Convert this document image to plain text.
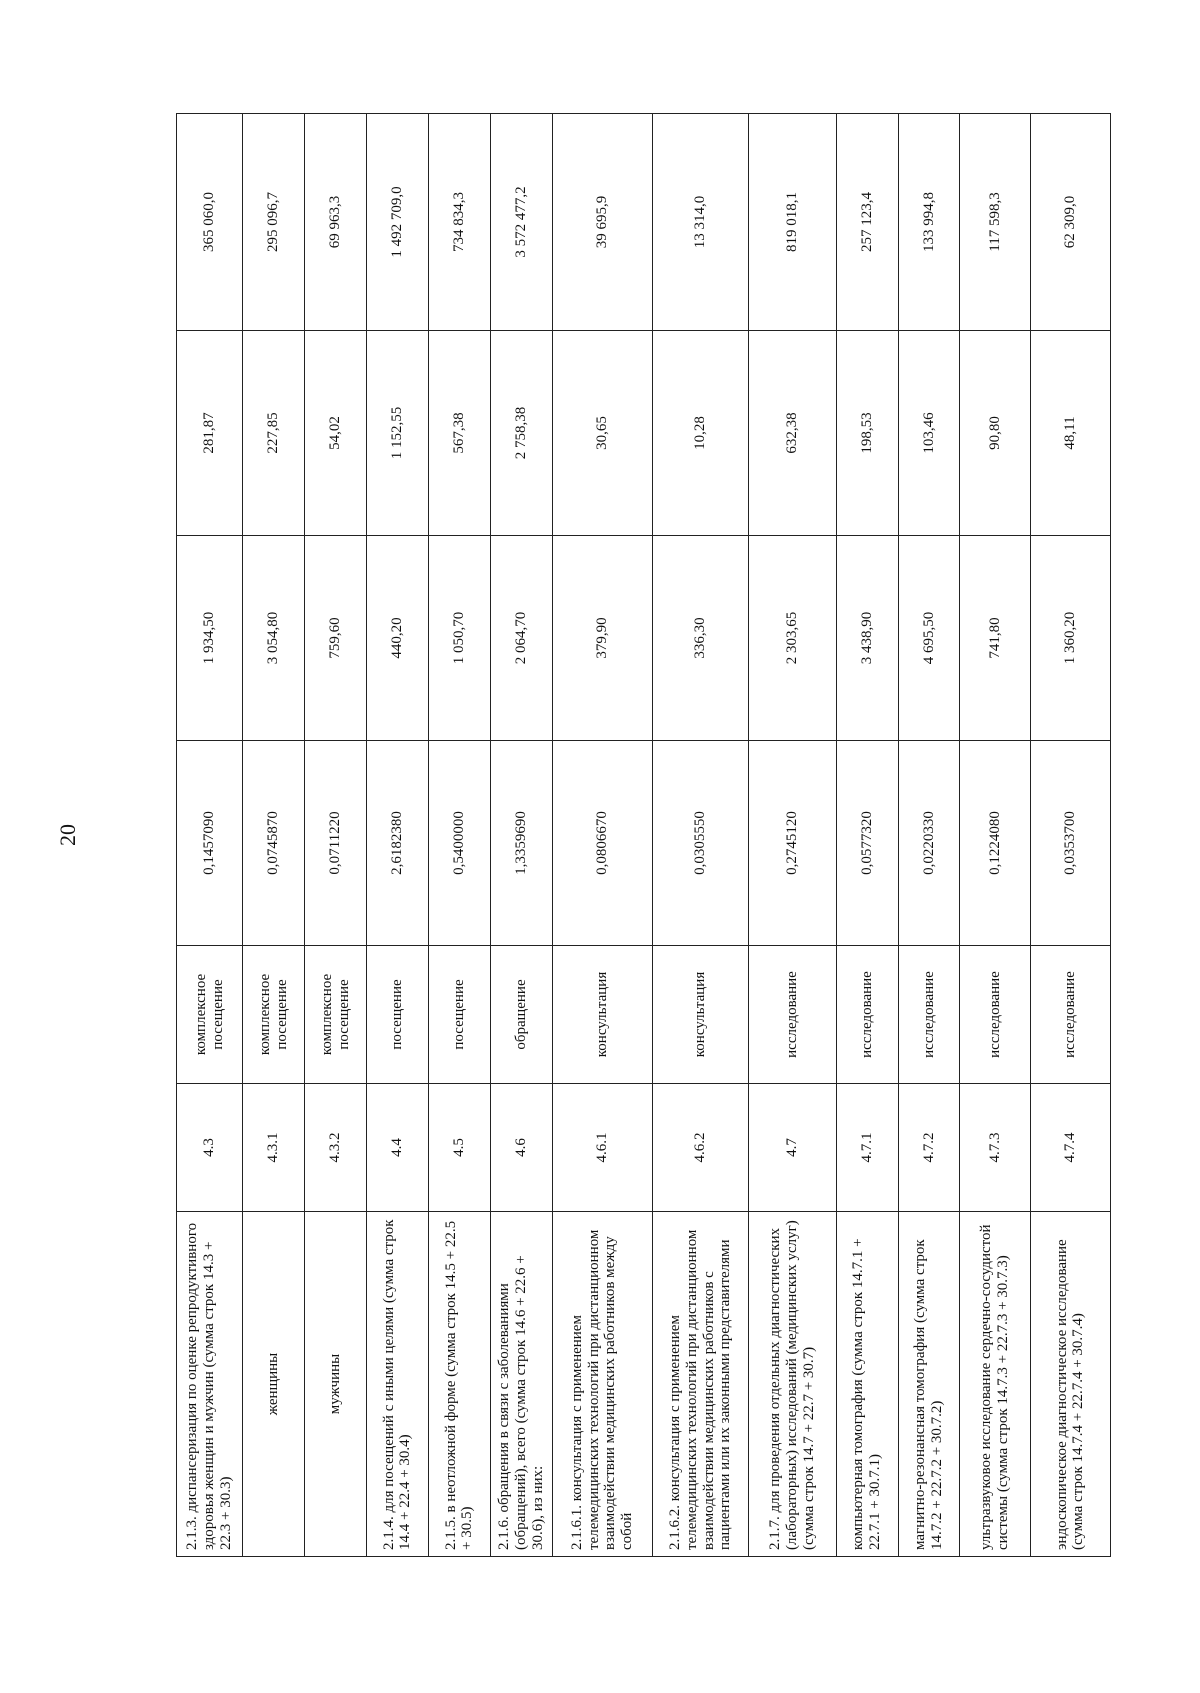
20
2.1.3. диспансеризация по оценке репродуктивного здоровья женщин и мужчин (сумма строк 14.3 + 22.3 + 30.3)	4.3	комплексное посещение	0,1457090	1 934,50	281,87	365 060,0
женщины	4.3.1	комплексное посещение	0,0745870	3 054,80	227,85	295 096,7
мужчины	4.3.2	комплексное посещение	0,0711220	759,60	54,02	69 963,3
2.1.4. для посещений с иными целями (сумма строк 14.4 + 22.4 + 30.4)	4.4	посещение	2,6182380	440,20	1 152,55	1 492 709,0
2.1.5. в неотложной форме (сумма строк 14.5 + 22.5 + 30.5)	4.5	посещение	0,5400000	1 050,70	567,38	734 834,3
2.1.6. обращения в связи с заболеваниями (обращений), всего (сумма строк 14.6 + 22.6 + 30.6), из них:	4.6	обращение	1,3359690	2 064,70	2 758,38	3 572 477,2
2.1.6.1. консультация с применением телемедицинских технологий при дистанционном взаимодействии медицинских работников между собой	4.6.1	консультация	0,0806670	379,90	30,65	39 695,9
2.1.6.2. консультация с применением телемедицинских технологий при дистанционном взаимодействии медицинских работников с пациентами или их законными представителями	4.6.2	консультация	0,0305550	336,30	10,28	13 314,0
2.1.7. для проведения отдельных диагностических (лабораторных) исследований (медицинских услуг) (сумма строк 14.7 + 22.7 + 30.7)	4.7	исследование	0,2745120	2 303,65	632,38	819 018,1
компьютерная томография (сумма строк 14.7.1 + 22.7.1 + 30.7.1)	4.7.1	исследование	0,0577320	3 438,90	198,53	257 123,4
магнитно-резонансная томография (сумма строк 14.7.2 + 22.7.2 + 30.7.2)	4.7.2	исследование	0,0220330	4 695,50	103,46	133 994,8
ультразвуковое исследование сердечно-сосудистой системы (сумма строк 14.7.3 + 22.7.3 + 30.7.3)	4.7.3	исследование	0,1224080	741,80	90,80	117 598,3
эндоскопическое диагностическое исследование (сумма строк 14.7.4 + 22.7.4 + 30.7.4)	4.7.4	исследование	0,0353700	1 360,20	48,11	62 309,0
